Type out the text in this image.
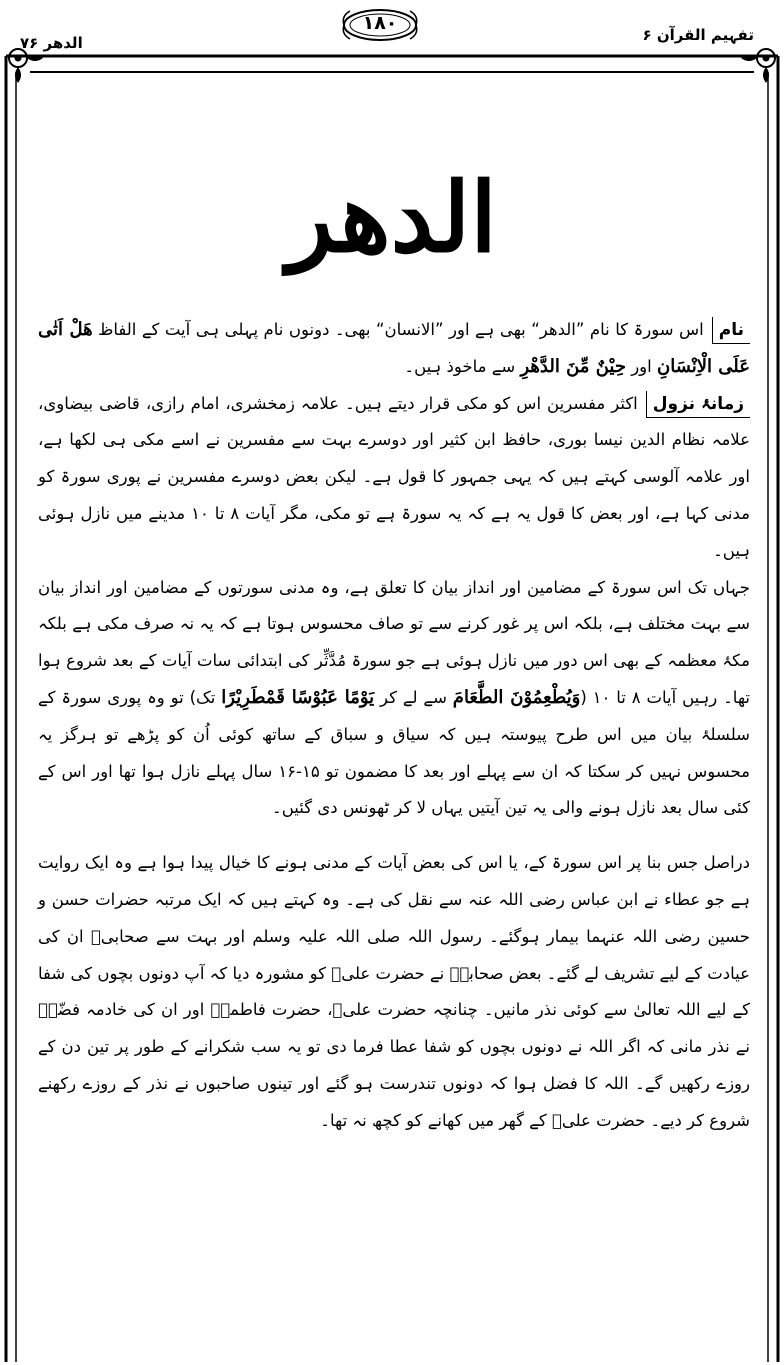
الدھر ۷۶
۱۸۰
تفہیم القرآن ۶
الدھر

ناماس سورۃ کا نام ”الدھر“ بھی ہے اور ”الانسان“ بھی۔ دونوں نام پہلی ہی آیت کے الفاظ ھَلْ اَتٰی عَلَی الْاِنْسَانِ اور حِیْنٌ مِّنَ الدَّھْرِ سے ماخوذ ہیں۔

زمانۂ نزولاکثر مفسرین اس کو مکی قرار دیتے ہیں۔ علامہ زمخشری، امام رازی، قاضی بیضاوی، علامہ نظام الدین نیسا بوری، حافظ ابن کثیر اور دوسرے بہت سے مفسرین نے اسے مکی ہی لکھا ہے، اور علامہ آلوسی کہتے ہیں کہ یہی جمہور کا قول ہے۔ لیکن بعض دوسرے مفسرین نے پوری سورۃ کو مدنی کہا ہے، اور بعض کا قول یہ ہے کہ یہ سورۃ ہے تو مکی، مگر آیات ۸ تا ۱۰ مدینے میں نازل ہوئی ہیں۔

جہاں تک اس سورۃ کے مضامین اور انداز بیان کا تعلق ہے، وہ مدنی سورتوں کے مضامین اور انداز بیان سے بہت مختلف ہے، بلکہ اس پر غور کرنے سے تو صاف محسوس ہوتا ہے کہ یہ نہ صرف مکی ہے بلکہ مکۂ معظمہ کے بھی اس دور میں نازل ہوئی ہے جو سورۃ مُدَّثِّر کی ابتدائی سات آیات کے بعد شروع ہوا تھا۔ رہیں آیات ۸ تا ۱۰ (وَيُطْعِمُوْنَ الطَّعَامَ سے لے کر يَوْمًا عَبُوْسًا قَمْطَرِيْرًا تک) تو وہ پوری سورۃ کے سلسلۂ بیان میں اس طرح پیوستہ ہیں کہ سیاق و سباق کے ساتھ کوئی اُن کو پڑھے تو ہرگز یہ محسوس نہیں کر سکتا کہ ان سے پہلے اور بعد کا مضمون تو ۱۵-۱۶ سال پہلے نازل ہوا تھا اور اس کے کئی سال بعد نازل ہونے والی یہ تین آیتیں یہاں لا کر ٹھونس دی گئیں۔

دراصل جس بنا پر اس سورۃ کے، یا اس کی بعض آیات کے مدنی ہونے کا خیال پیدا ہوا ہے وہ ایک روایت ہے جو عطاء نے ابن عباس رضی اللہ عنہ سے نقل کی ہے۔ وہ کہتے ہیں کہ ایک مرتبہ حضرات حسن و حسین رضی اللہ عنہما بیمار ہوگئے۔ رسول اللہ صلی اللہ علیہ وسلم اور بہت سے صحابیؓ ان کی عیادت کے لیے تشریف لے گئے۔ بعض صحابہؓ نے حضرت علیؓ کو مشورہ دیا کہ آپ دونوں بچوں کی شفا کے لیے اللہ تعالیٰ سے کوئی نذر مانیں۔ چنانچہ حضرت علیؓ، حضرت فاطمہؓ اور ان کی خادمہ فضّہؓ نے نذر مانی کہ اگر اللہ نے دونوں بچوں کو شفا عطا فرما دی تو یہ سب شکرانے کے طور پر تین دن کے روزے رکھیں گے۔ اللہ کا فضل ہوا کہ دونوں تندرست ہو گئے اور تینوں صاحبوں نے نذر کے روزے رکھنے شروع کر دیے۔ حضرت علیؓ کے گھر میں کھانے کو کچھ نہ تھا۔
